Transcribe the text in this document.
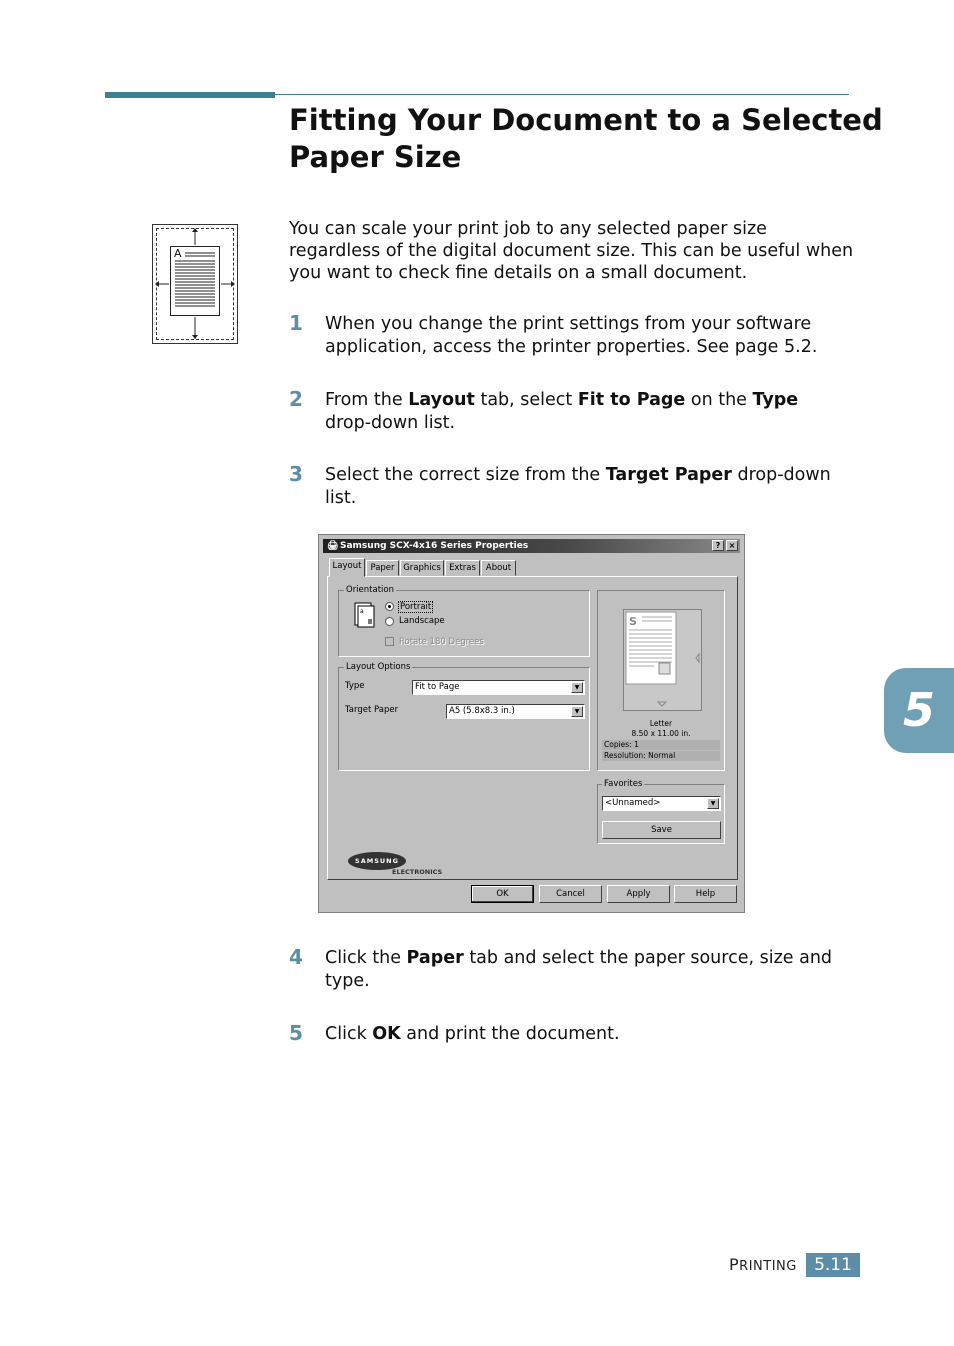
Fitting Your Document to a Selected
Paper Size
A
You can scale your print job to any selected paper size
regardless of the digital document size. This can be useful when
you want to check fine details on a small document.
1 When you change the print settings from your software
application, access the printer properties. See page 5.2.
2 From the Layout tab, select Fit to Page on the Type
drop-down list.
3 Select the correct size from the Target Paper drop-down
list.
🖨 Samsung SCX-4x16 Series Properties	?	×
Layout	Paper	Graphics Extras	About
Orientation
a	Portrait
Landscape
Rotate 180 Degrees
Layout Options
Type	Fit to Page	▼
Target Paper	A5 (5.8x8.3 in.)	▼
S
Letter
8.50 x 11.00 in.
Copies: 1
Resolution: Normal
Favorites
<Unnamed>	▼
Save
SAMSUNG
ELECTRONICS
OK	Cancel	Apply	Help
4 Click the Paper tab and select the paper source, size and
type.
5 Click OK and print the document.
5
PRINTING	5.11
